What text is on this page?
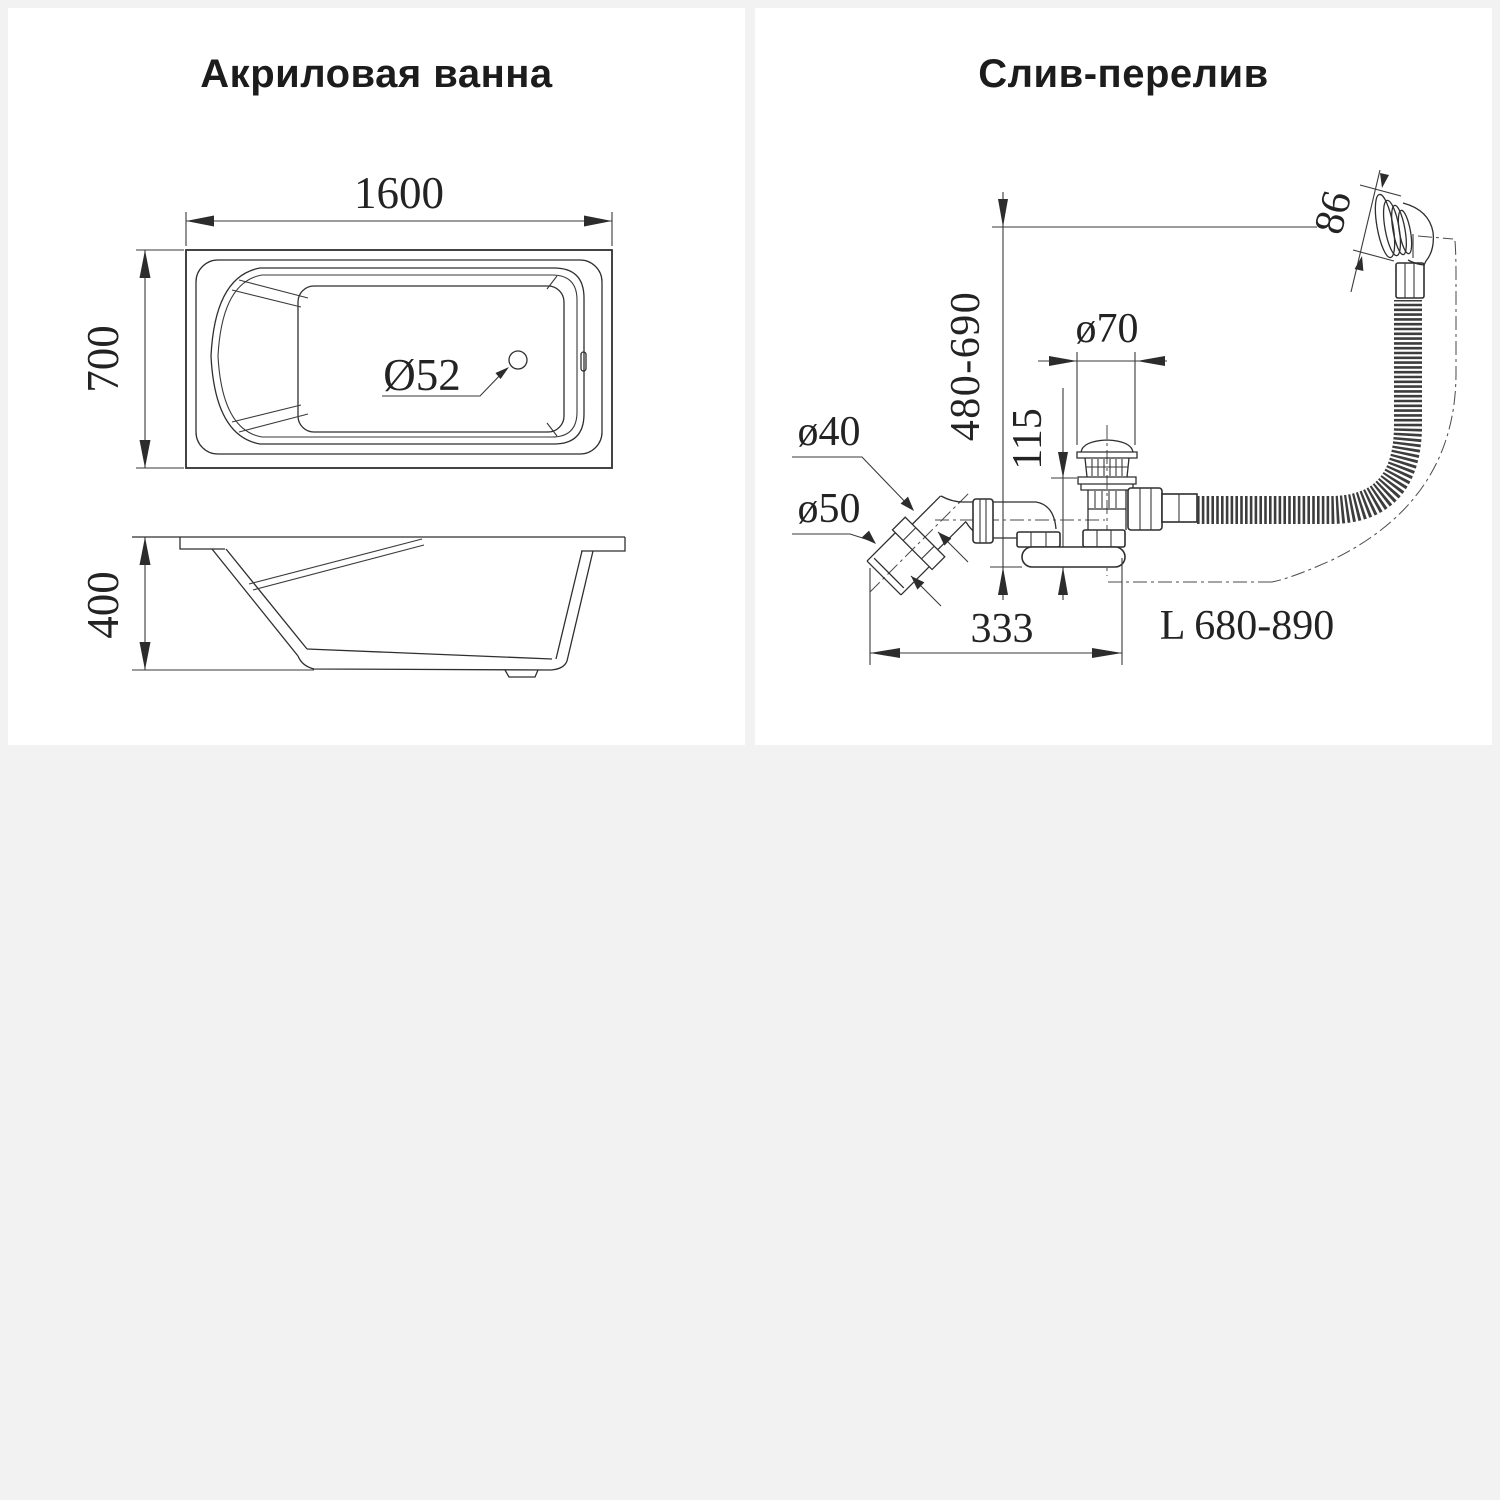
Акриловая ванна
Ø52
1600
700
400
Слив-перелив
480-690 115
ø70
ø40
ø50
86
333	L 680-890
